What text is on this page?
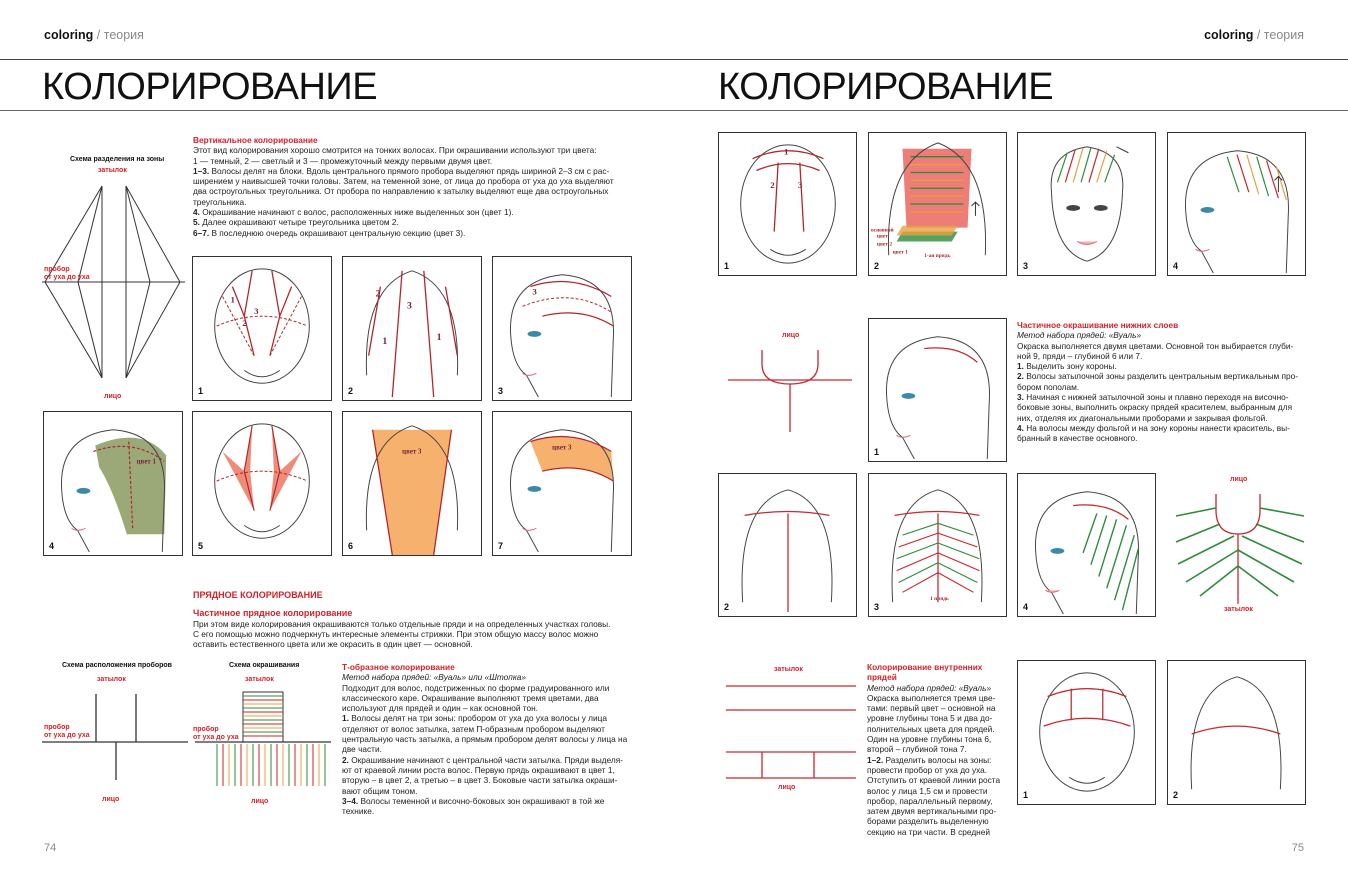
coloring / теория	coloring / теория
КОЛОРИРОВАНИЕ	КОЛОРИРОВАНИЕ
Схема разделения на зоны
затылок
пробор
от уха до уха
лицо

Вертикальное колорирование

Этот вид колорирования хорошо смотрится на тонких волосах. При окрашивании используют три цвета:

1 — темный, 2 — светлый и 3 — промежуточный между первыми двумя цвет.

1–3. Волосы делят на блоки. Вдоль центрального прямого пробора выделяют прядь шириной 2–3 см с рас-

ширением у наивысшей точки головы. Затем, на теменной зоне, от лица до пробора от уха до уха выделяют

два остроугольных треугольника. От пробора по направлению к затылку выделяют еще два остроугольных

треугольника.

4. Окрашивание начинают с волос, расположенных ниже выделенных зон (цвет 1).

5. Далее окрашивают четыре треугольника цветом 2.

6–7. В последнюю очередь окрашивают центральную секцию (цвет 3).

1
2
3
1
2
3
1	1
2
3
3
цвет 1
4	5
цвет 3
6
цвет 3
7

ПРЯДНОЕ КОЛОРИРОВАНИЕ

Частичное прядное колорирование

При этом виде колорирования окрашиваются только отдельные пряди и на определенных участках головы.

С его помощью можно подчеркнуть интересные элементы стрижки. При этом общую массу волос можно

оставить естественного цвета или же окрасить в один цвет — основной.

Схема расположения проборов
затылок
пробор
от уха до уха
лицо
Схема окрашивания
затылок
пробор
от уха до уха
лицо

Т-образное колорирование

Метод набора прядей: «Вуаль» или «Штопка»

Подходит для волос, подстриженных по форме градуированного или

классического каре. Окрашивание выполняют тремя цветами, два

используют для прядей и один – как основной тон.

1. Волосы делят на три зоны: пробором от уха до уха волосы у лица

отделяют от волос затылка, затем П-образным пробором выделяют

центральную часть затылка, а прямым пробором делят волосы у лица на

две части.

2. Окрашивание начинают с центральной части затылка. Пряди выделя-

ют от краевой линии роста волос. Первую прядь окрашивают в цвет 1,

вторую – в цвет 2, а третью – в цвет 3. Боковые части затылка окраши-

вают общим тоном.

3–4. Волосы теменной и височно-боковых зон окрашивают в той же

технике.

74
1
2	3
1
основной
цвет
цвет 2
цвет 1
1-ая прядь
2	3	4
лицо
1

Частичное окрашивание нижних слоев

Метод набора прядей: «Вуаль»

Окраска выполняется двумя цветами. Основной тон выбирается глуби-

ной 9, пряди – глубиной 6 или 7.

1. Выделить зону короны.

2. Волосы затылочной зоны разделить центральным вертикальным про-

бором пополам.

3. Начиная с нижней затылочной зоны и плавно переходя на височно-

боковые зоны, выполнить окраску прядей красителем, выбранным для

них, отделяя их диагональными проборами и закрывая фольгой.

4. На волосы между фольгой и на зону короны нанести краситель, вы-

бранный в качестве основного.

2
1 прядь
3	4
лицо
затылок
затылок
лицо

Колорирование внутренних

прядей

Метод набора прядей: «Вуаль»

Окраска выполняется тремя цве-

тами: первый цвет – основной на

уровне глубины тона 5 и два до-

полнительных цвета для прядей.

Один на уровне глубины тона 6,

второй – глубиной тона 7.

1–2. Разделить волосы на зоны:

провести пробор от уха до уха.

Отступить от краевой линии роста

волос у лица 1,5 см и провести

пробор, параллельный первому,

затем двумя вертикальными про-

борами разделить выделенную

секцию на три части. В средней

1	2
75
